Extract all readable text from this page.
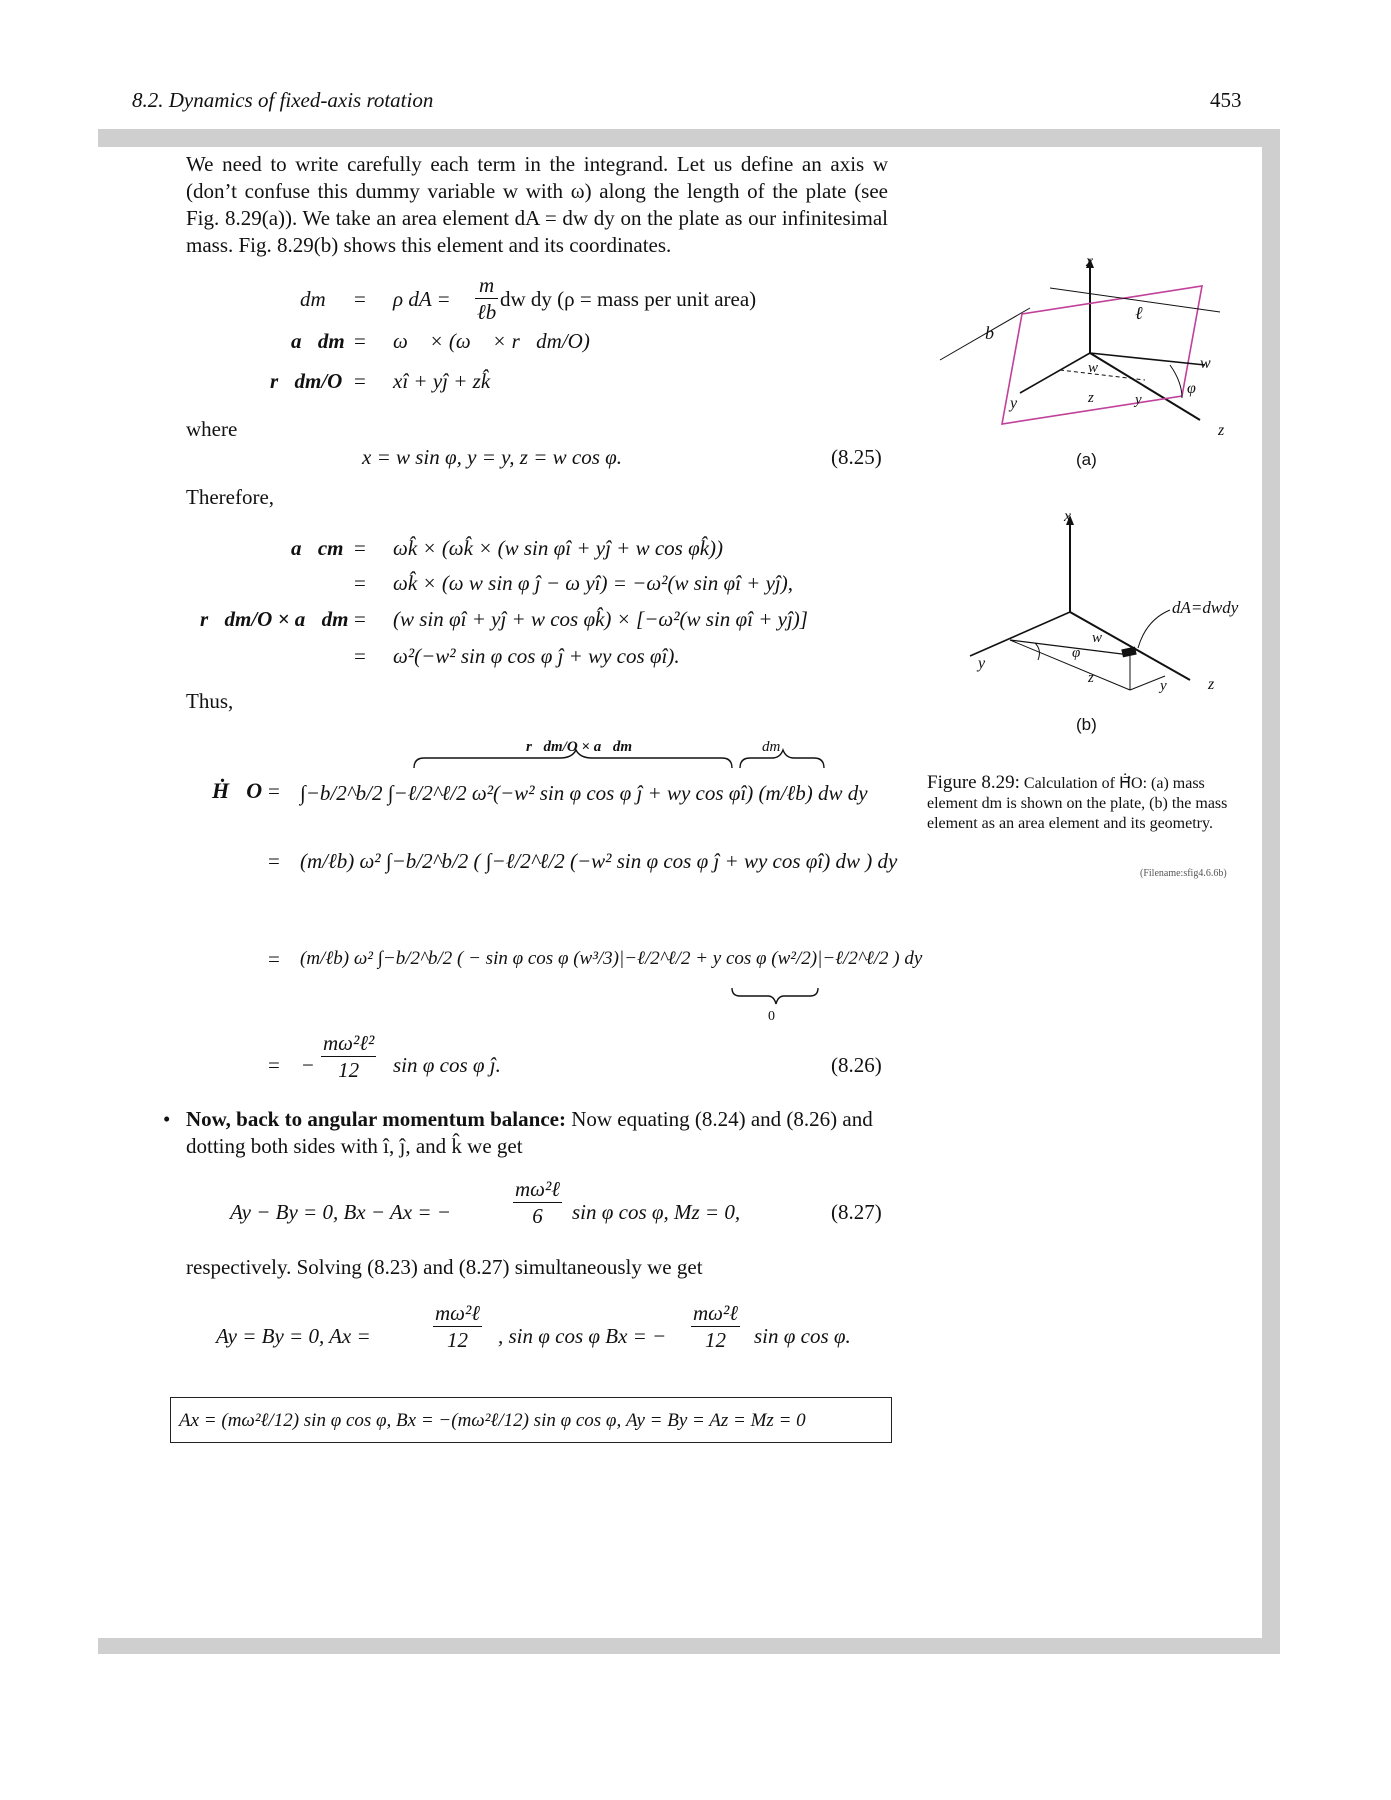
8.2. Dynamics of fixed-axis rotation	453
We need to write carefully each term in the integrand. Let us define an axis w (don’t confuse this dummy variable w with ω) along the length of the plate (see Fig. 8.29(a)). We take an area element dA = dw dy on the plate as our infinitesimal mass. Fig. 8.29(b) shows this element and its coordinates.
dm = ρ dA = $\frac{m}{\text{ℓb}}$ dw dy (ρ = mass per unit area)
a⃗dm = ω⃗ × (ω⃗ × r⃗dm/O)
r⃗dm/O = xî + yĵ + zk̂
where
x = w sin φ, y = y, z = w cos φ.	(8.25)
Therefore,
a⃗cm = ωk̂ × (ωk̂ × (w sin φî + yĵ + w cos φk̂))
= ωk̂ × (ω w sin φ ĵ − ω yî) = −ω²(w sin φî + yĵ),
r⃗dm/O × a⃗dm = (w sin φî + yĵ + w cos φk̂) × [−ω²(w sin φî + yĵ)]
= ω²(−w² sin φ cos φ ĵ + wy cos φî).
Thus,
Ḣ⃗O =
r⃗dm/O × a⃗dm	dm
∫−b/2^b/2 ∫−ℓ/2^ℓ/2 ω²(−w² sin φ cos φ ĵ + wy cos φî) (m/ℓb) dw dy
= (m/ℓb) ω² ∫−b/2^b/2 ( ∫−ℓ/2^ℓ/2 (−w² sin φ cos φ ĵ + wy cos φî) dw ) dy
= (m/ℓb) ω² ∫−b/2^b/2 ( − sin φ cos φ (w³/3)|−ℓ/2^ℓ/2 + y cos φ (w²/2)|−ℓ/2^ℓ/2 ) dy
0
= − $\frac{\text{mω²ℓ²}}{12}$ sin φ cos φ ĵ.	(8.26)
• Now, back to angular momentum balance: Now equating (8.24) and (8.26) and dotting both sides with î, ĵ, and k̂ we get
Ay − By = 0, Bx − Ax = −	$\frac{\text{mω²ℓ}}{6}$ sin φ cos φ, Mz = 0,	(8.27)
respectively. Solving (8.23) and (8.27) simultaneously we get
Ay = By = 0, Ax =	$\frac{\text{mω²ℓ}}{12}$ , sin φ cos φ Bx = − $\frac{\text{mω²ℓ}}{12}$ sin φ cos φ.
Ax = (mω²ℓ/12) sin φ cos φ, Bx = −(mω²ℓ/12) sin φ cos φ, Ay = By = Az = Mz = 0
x
b
ℓ
w
w
φ
y	z	y
z
(a)
x
dA=dwdy
w
φ
y
z	y	z
(b)
Figure 8.29: Calculation of Ḣ⃗O: (a) mass element dm is shown on the plate, (b) the mass element as an area element and its geometry.
(Filename:sfig4.6.6b)
